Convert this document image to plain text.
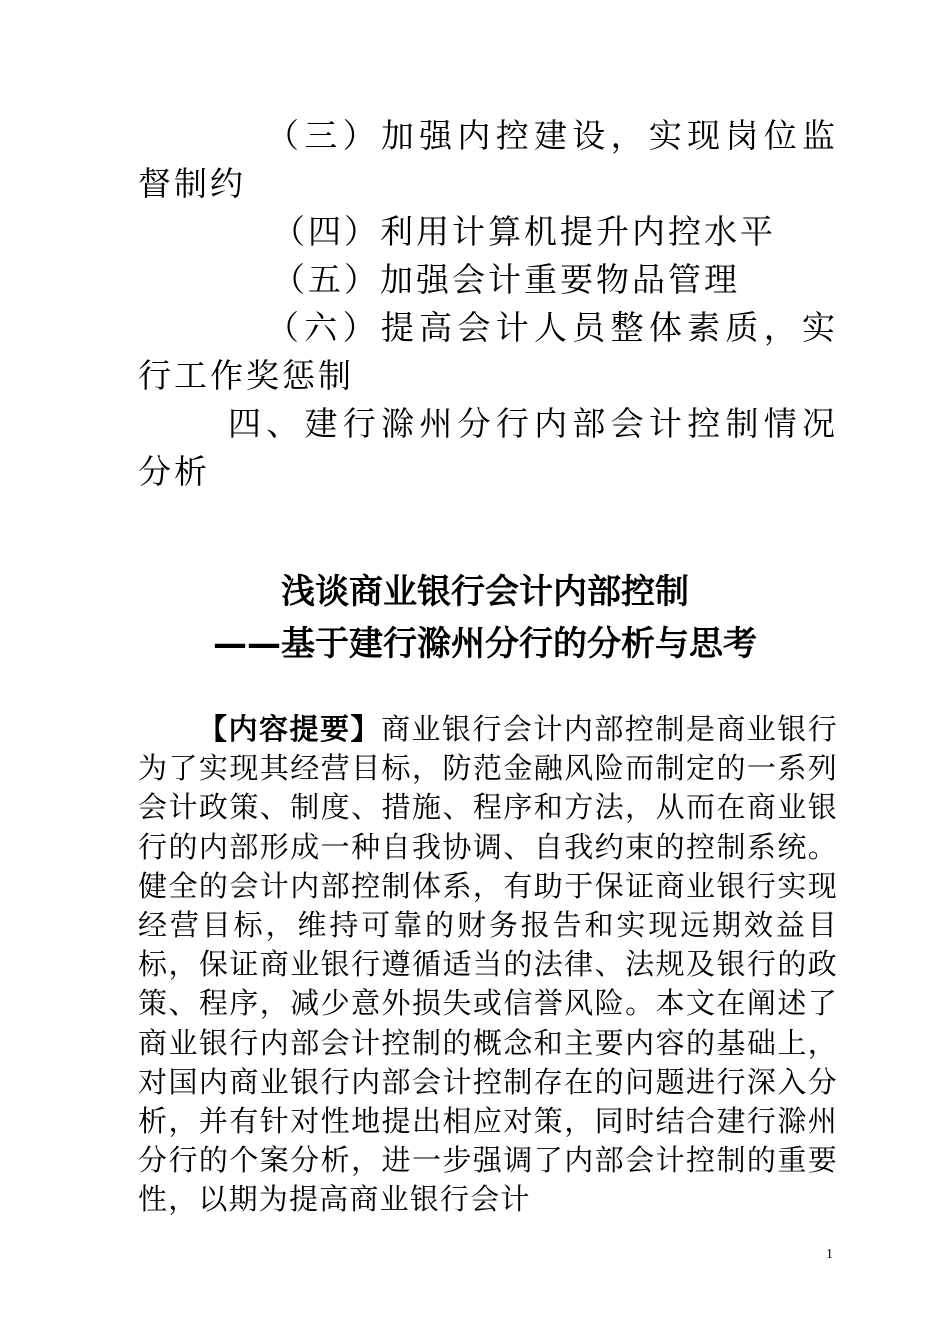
（三）加强内控建设，实现岗位监督制约

（四）利用计算机提升内控水平

（五）加强会计重要物品管理

（六）提高会计人员整体素质，实行工作奖惩制

四、建行滁州分行内部会计控制情况分析

浅谈商业银行会计内部控制

——基于建行滁州分行的分析与思考

【内容提要】商业银行会计内部控制是商业银行为了实现其经营目标，防范金融风险而制定的一系列会计政策、制度、措施、程序和方法，从而在商业银行的内部形成一种自我协调、自我约束的控制系统。健全的会计内部控制体系，有助于保证商业银行实现经营目标，维持可靠的财务报告和实现远期效益目标，保证商业银行遵循适当的法律、法规及银行的政策、程序，减少意外损失或信誉风险。本文在阐述了商业银行内部会计控制的概念和主要内容的基础上，对国内商业银行内部会计控制存在的问题进行深入分析，并有针对性地提出相应对策，同时结合建行滁州分行的个案分析，进一步强调了内部会计控制的重要性，以期为提高商业银行会计

1
